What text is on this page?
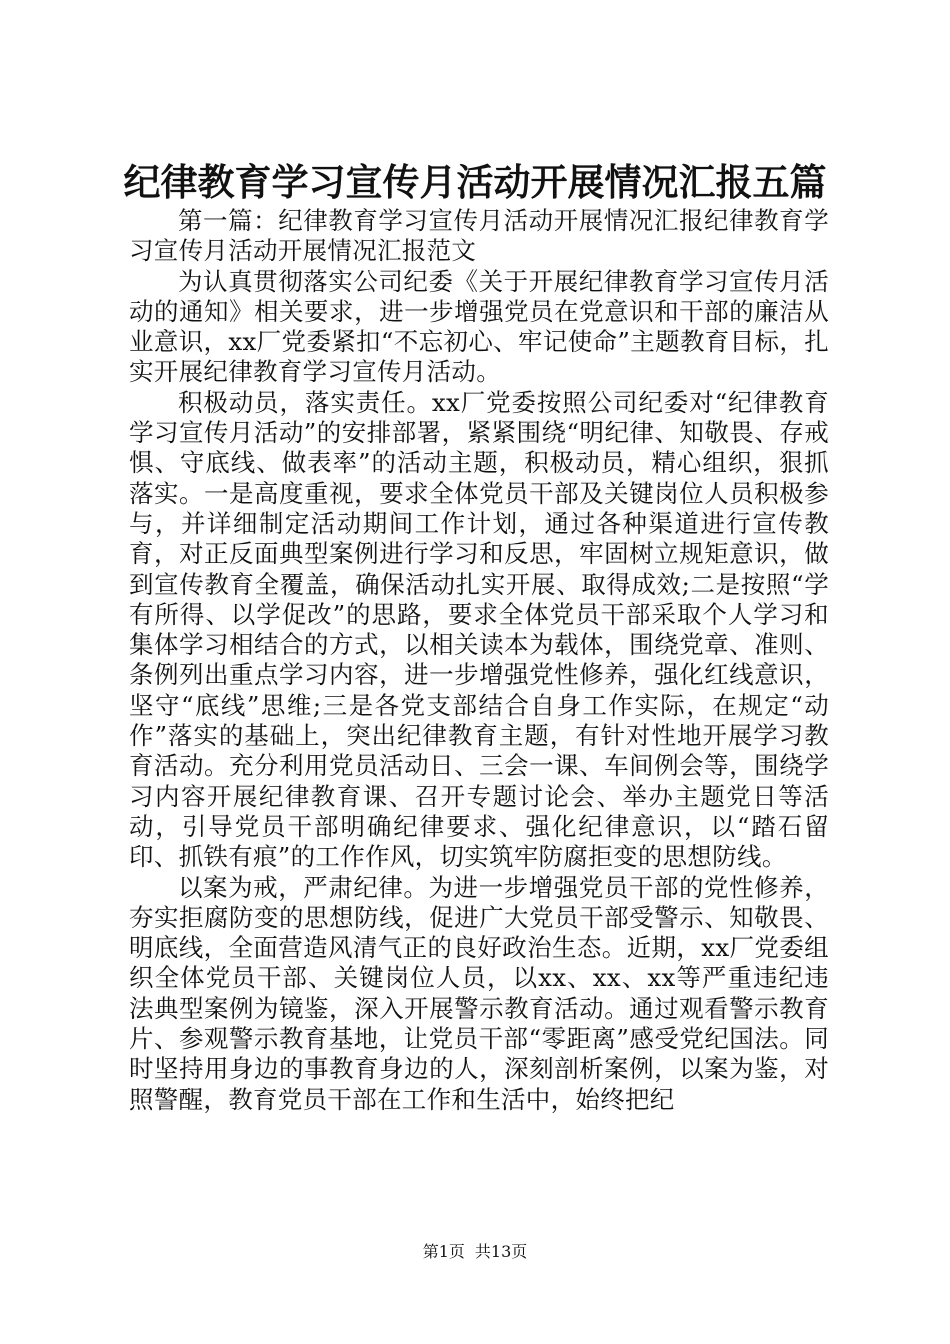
纪律教育学习宣传月活动开展情况汇报五篇

第一篇：纪律教育学习宣传月活动开展情况汇报纪律教育学习宣传月活动开展情况汇报范文

为认真贯彻落实公司纪委《关于开展纪律教育学习宣传月活动的通知》相关要求，进一步增强党员在党意识和干部的廉洁从业意识，xx厂党委紧扣“不忘初心、牢记使命”主题教育目标，扎实开展纪律教育学习宣传月活动。

积极动员，落实责任。xx厂党委按照公司纪委对“纪律教育学习宣传月活动”的安排部署，紧紧围绕“明纪律、知敬畏、存戒惧、守底线、做表率”的活动主题，积极动员，精心组织，狠抓落实。一是高度重视，要求全体党员干部及关键岗位人员积极参与，并详细制定活动期间工作计划，通过各种渠道进行宣传教育，对正反面典型案例进行学习和反思，牢固树立规矩意识，做到宣传教育全覆盖，确保活动扎实开展、取得成效;二是按照“学有所得、以学促改”的思路，要求全体党员干部采取个人学习和集体学习相结合的方式，以相关读本为载体，围绕党章、准则、条例列出重点学习内容，进一步增强党性修养，强化红线意识，坚守“底线”思维;三是各党支部结合自身工作实际，在规定“动作”落实的基础上，突出纪律教育主题，有针对性地开展学习教育活动。充分利用党员活动日、三会一课、车间例会等，围绕学习内容开展纪律教育课、召开专题讨论会、举办主题党日等活动，引导党员干部明确纪律要求、强化纪律意识，以“踏石留印、抓铁有痕”的工作作风，切实筑牢防腐拒变的思想防线。

以案为戒，严肃纪律。为进一步增强党员干部的党性修养，夯实拒腐防变的思想防线，促进广大党员干部受警示、知敬畏、明底线，全面营造风清气正的良好政治生态。近期，xx厂党委组织全体党员干部、关键岗位人员，以xx、xx、xx等严重违纪违法典型案例为镜鉴，深入开展警示教育活动。通过观看警示教育片、参观警示教育基地，让党员干部“零距离”感受党纪国法。同时坚持用身边的事教育身边的人，深刻剖析案例，以案为鉴，对照警醒，教育党员干部在工作和生活中，始终把纪

第1页 共13页
